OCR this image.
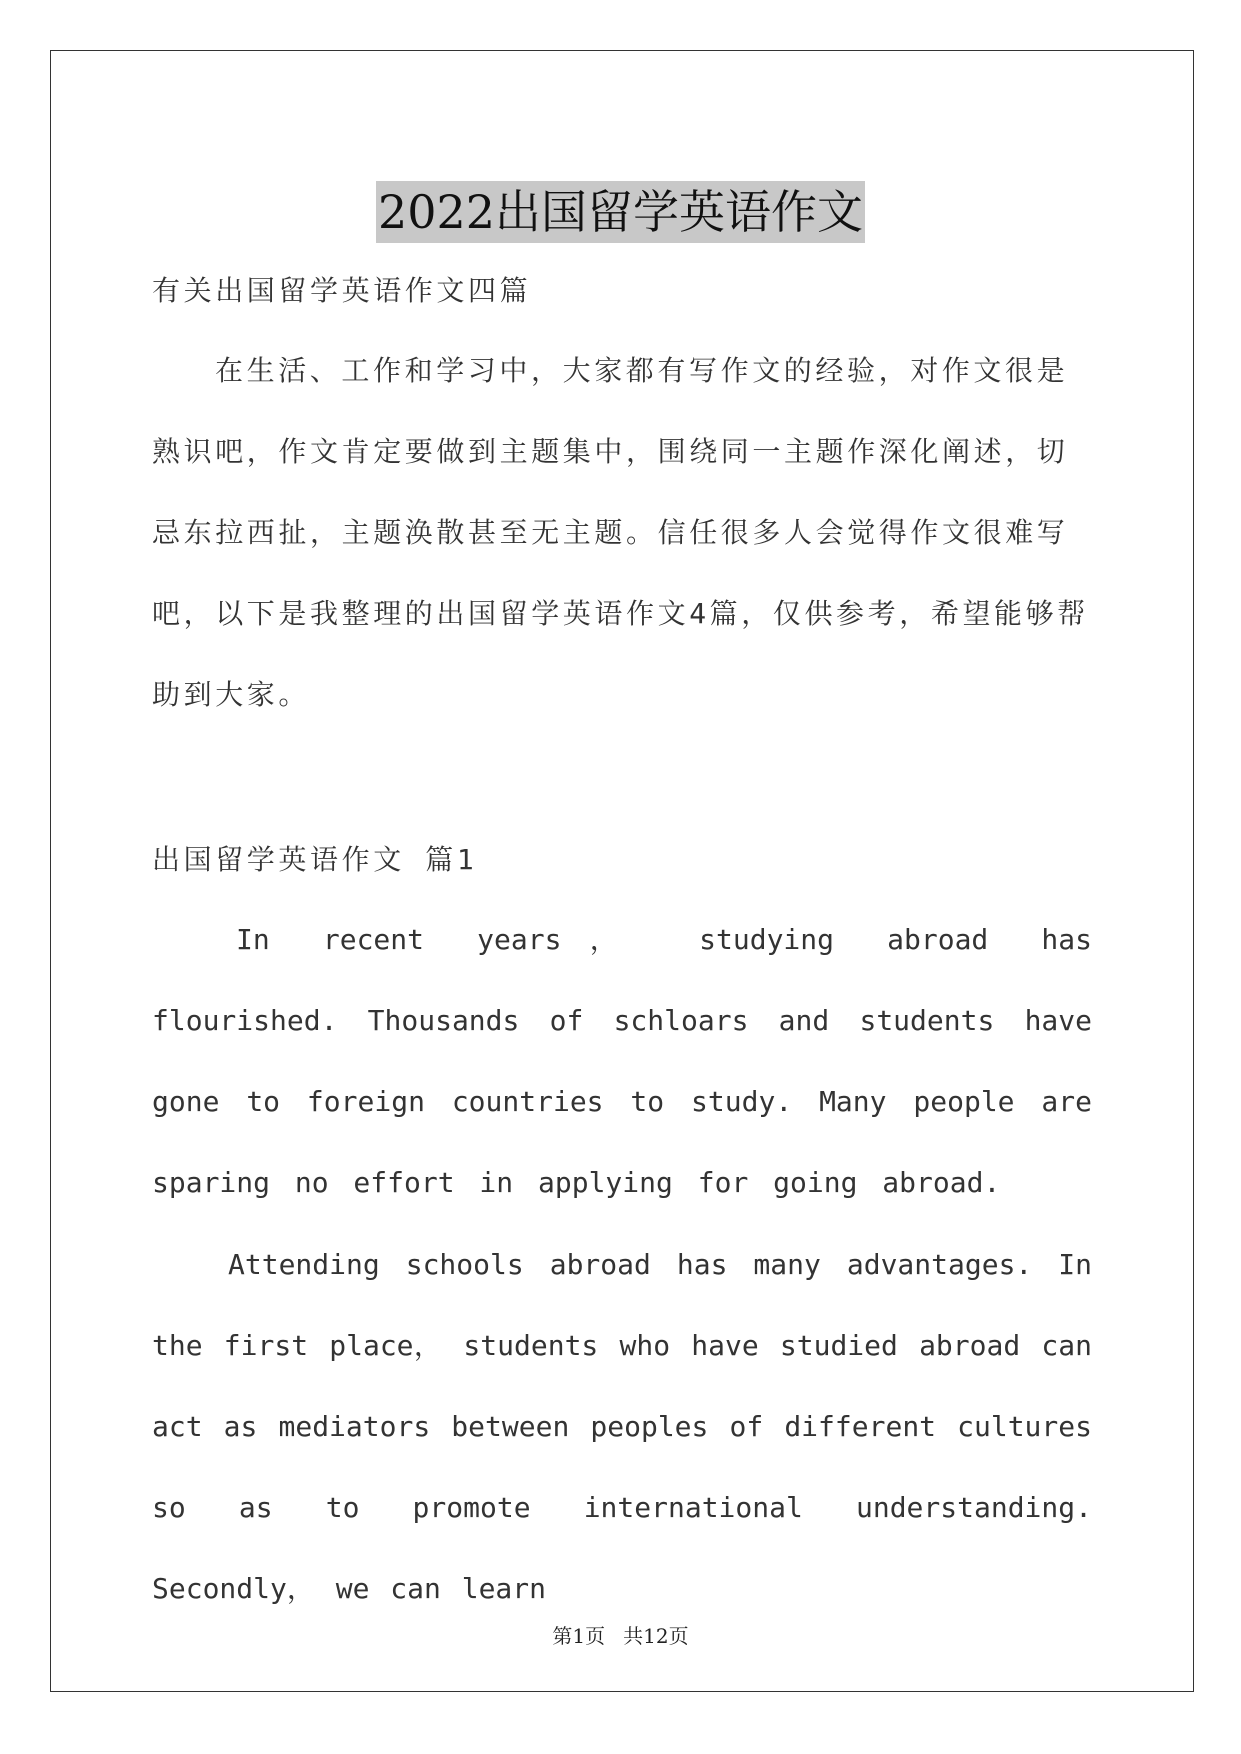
2022出国留学英语作文

有关出国留学英语作文四篇

在生活、工作和学习中，大家都有写作文的经验，对作文很是熟识吧，作文肯定要做到主题集中，围绕同一主题作深化阐述，切忌东拉西扯，主题涣散甚至无主题。信任很多人会觉得作文很难写吧，以下是我整理的出国留学英语作文4篇，仅供参考，希望能够帮助到大家。

出国留学英语作文 篇1

In recent years， studying abroad has flourished. Thousands of schloars and students have gone to foreign countries to study. Many people are sparing no effort in applying for going abroad.

Attending schools abroad has many advantages. In the first place， students who have studied abroad can act as mediators between peoples of different cultures so as to promote international understanding. Secondly， we can learn

第1页 共12页
